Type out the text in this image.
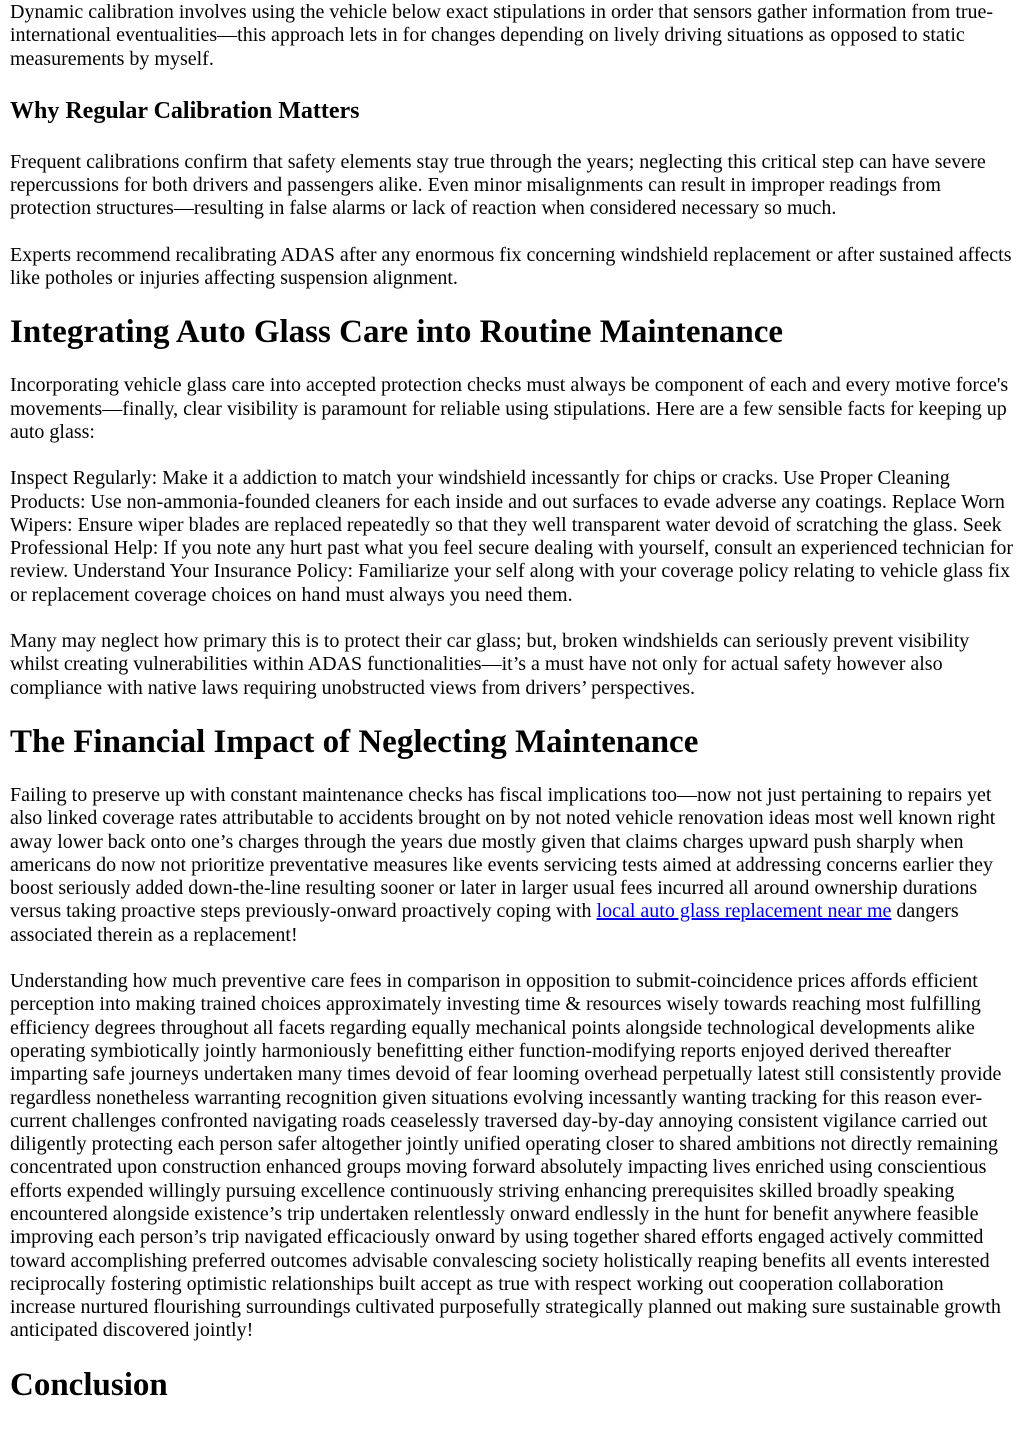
Dynamic calibration involves using the vehicle below exact stipulations in order that sensors gather information from true-international eventualities—this approach lets in for changes depending on lively driving situations as opposed to static measurements by myself.

Why Regular Calibration Matters

Frequent calibrations confirm that safety elements stay true through the years; neglecting this critical step can have severe repercussions for both drivers and passengers alike. Even minor misalignments can result in improper readings from protection structures—resulting in false alarms or lack of reaction when considered necessary so much.

Experts recommend recalibrating ADAS after any enormous fix concerning windshield replacement or after sustained affects like potholes or injuries affecting suspension alignment.

Integrating Auto Glass Care into Routine Maintenance

Incorporating vehicle glass care into accepted protection checks must always be component of each and every motive force's movements—finally, clear visibility is paramount for reliable using stipulations. Here are a few sensible facts for keeping up auto glass:

Inspect Regularly: Make it a addiction to match your windshield incessantly for chips or cracks. Use Proper Cleaning Products: Use non-ammonia-founded cleaners for each inside and out surfaces to evade adverse any coatings. Replace Worn Wipers: Ensure wiper blades are replaced repeatedly so that they well transparent water devoid of scratching the glass. Seek Professional Help: If you note any hurt past what you feel secure dealing with yourself, consult an experienced technician for review. Understand Your Insurance Policy: Familiarize your self along with your coverage policy relating to vehicle glass fix or replacement coverage choices on hand must always you need them.

Many may neglect how primary this is to protect their car glass; but, broken windshields can seriously prevent visibility whilst creating vulnerabilities within ADAS functionalities—it’s a must have not only for actual safety however also compliance with native laws requiring unobstructed views from drivers’ perspectives.

The Financial Impact of Neglecting Maintenance

Failing to preserve up with constant maintenance checks has fiscal implications too—now not just pertaining to repairs yet also linked coverage rates attributable to accidents brought on by not noted vehicle renovation ideas most well known right away lower back onto one’s charges through the years due mostly given that claims charges upward push sharply when americans do now not prioritize preventative measures like events servicing tests aimed at addressing concerns earlier they boost seriously added down-the-line resulting sooner or later in larger usual fees incurred all around ownership durations versus taking proactive steps previously-onward proactively coping with local auto glass replacement near me dangers associated therein as a replacement!

Understanding how much preventive care fees in comparison in opposition to submit-coincidence prices affords efficient perception into making trained choices approximately investing time & resources wisely towards reaching most fulfilling efficiency degrees throughout all facets regarding equally mechanical points alongside technological developments alike operating symbiotically jointly harmoniously benefitting either function-modifying reports enjoyed derived thereafter imparting safe journeys undertaken many times devoid of fear looming overhead perpetually latest still consistently provide regardless nonetheless warranting recognition given situations evolving incessantly wanting tracking for this reason ever-current challenges confronted navigating roads ceaselessly traversed day-by-day annoying consistent vigilance carried out diligently protecting each person safer altogether jointly unified operating closer to shared ambitions not directly remaining concentrated upon construction enhanced groups moving forward absolutely impacting lives enriched using conscientious efforts expended willingly pursuing excellence continuously striving enhancing prerequisites skilled broadly speaking encountered alongside existence’s trip undertaken relentlessly onward endlessly in the hunt for benefit anywhere feasible improving each person’s trip navigated efficaciously onward by using together shared efforts engaged actively committed toward accomplishing preferred outcomes advisable convalescing society holistically reaping benefits all events interested reciprocally fostering optimistic relationships built accept as true with respect working out cooperation collaboration increase nurtured flourishing surroundings cultivated purposefully strategically planned out making sure sustainable growth anticipated discovered jointly!

Conclusion
